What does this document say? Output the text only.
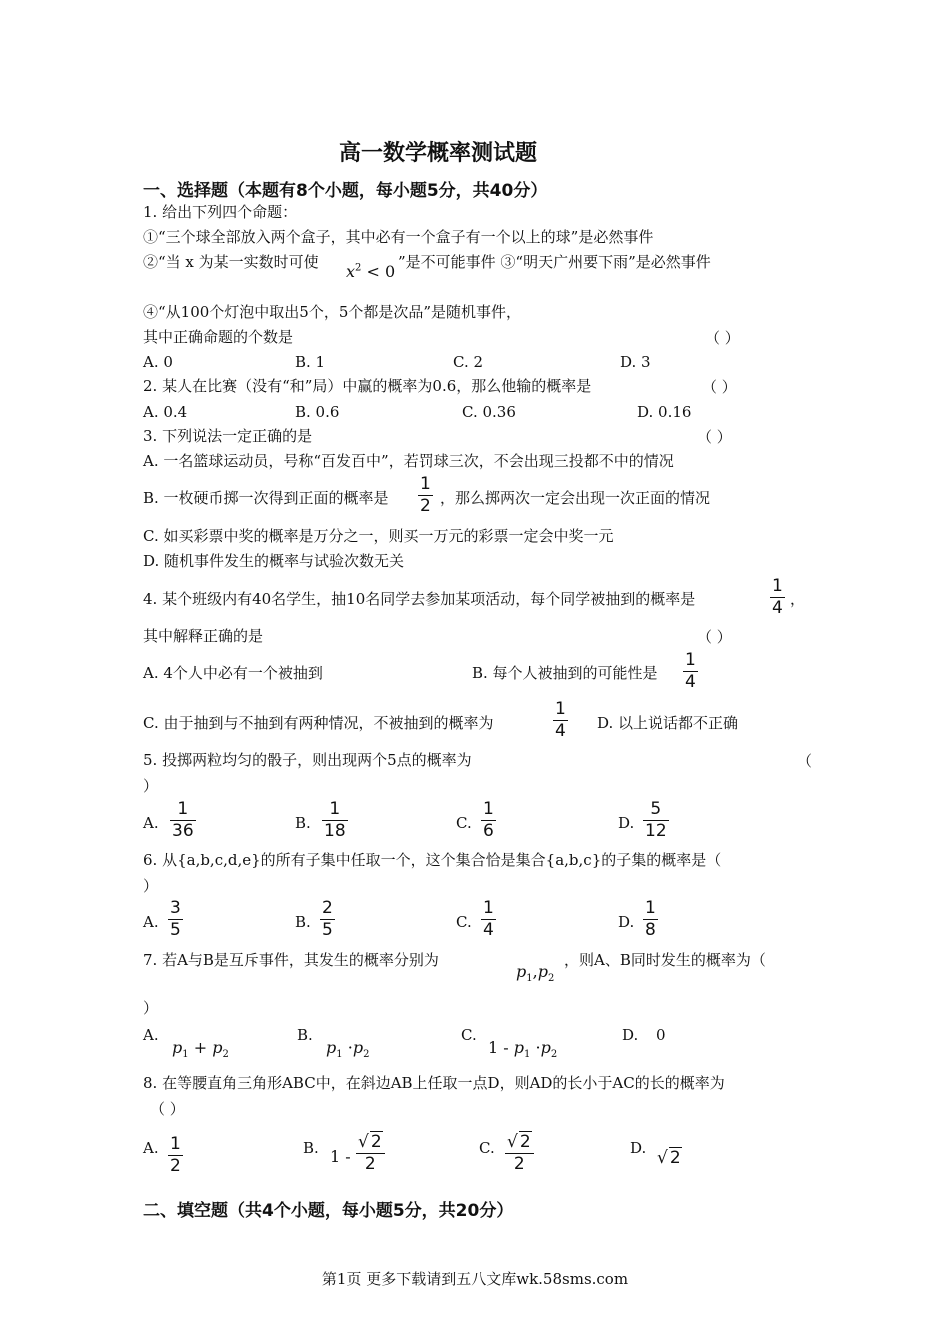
高一数学概率测试题
一、选择题（本题有8个小题，每小题5分，共40分）
1. 给出下列四个命题：
①“三个球全部放入两个盒子，其中必有一个盒子有一个以上的球”是必然事件
②“当 x 为某一实数时可使 $x^2 < 0$ ”是不可能事件 ③“明天广州要下雨”是必然事件
④“从100个灯泡中取出5个，5个都是次品”是随机事件，
其中正确命题的个数是	（ ）
A. 0	B. 1	C. 2	D. 3
2. 某人在比赛（没有“和”局）中赢的概率为0.6，那么他输的概率是	（ ）
A. 0.4	B. 0.6	C. 0.36	D. 0.16
3. 下列说法一定正确的是	（ ）
A. 一名篮球运动员，号称“百发百中”，若罚球三次，不会出现三投都不中的情况
B. 一枚硬币掷一次得到正面的概率是 $\frac{1}{2}$ ，那么掷两次一定会出现一次正面的情况
C. 如买彩票中奖的概率是万分之一，则买一万元的彩票一定会中奖一元
D. 随机事件发生的概率与试验次数无关
4. 某个班级内有40名学生，抽10名同学去参加某项活动，每个同学被抽到的概率是	$\frac{1}{4}$ ，
其中解释正确的是	（ ）
A. 4个人中必有一个被抽到	B. 每个人被抽到的可能性是 $\frac{1}{4}$
C. 由于抽到与不抽到有两种情况，不被抽到的概率为	$\frac{1}{4} D$. 以上说话都不正确
5. 投掷两粒均匀的骰子，则出现两个5点的概率为	（
）
A. $\frac{1}{36}$	B. $\frac{1}{18}$	C. $\frac{1}{6}$	D. $\frac{5}{12}$
6. 从{a,b,c,d,e}的所有子集中任取一个，这个集合恰是集合{a,b,c}的子集的概率是（
）
A. $\frac{3}{5}$	B. $\frac{2}{5}$	C. $\frac{1}{4}$	D. $\frac{1}{8}$
7. 若A与B是互斥事件，其发生的概率分别为
$p_1,p_2$
，则A、B同时发生的概率为（
）
A.
$p_1 + p_2$
B.
$p_1 \cdot p_2$
C.
$1 - p_1 \cdot p_2$
D. 0
8. 在等腰直角三角形ABC中，在斜边AB上任取一点D，则AD的长小于AC的长的概率为
（ ）
A. $\frac{1}{2}$	B. $1 - \frac{√ 2}{2}$	C. $\frac{√ 2}{2}$	D. √ 2
二、填空题（共4个小题，每小题5分，共20分）
第1页 更多下载请到五八文库wk.58sms.com
